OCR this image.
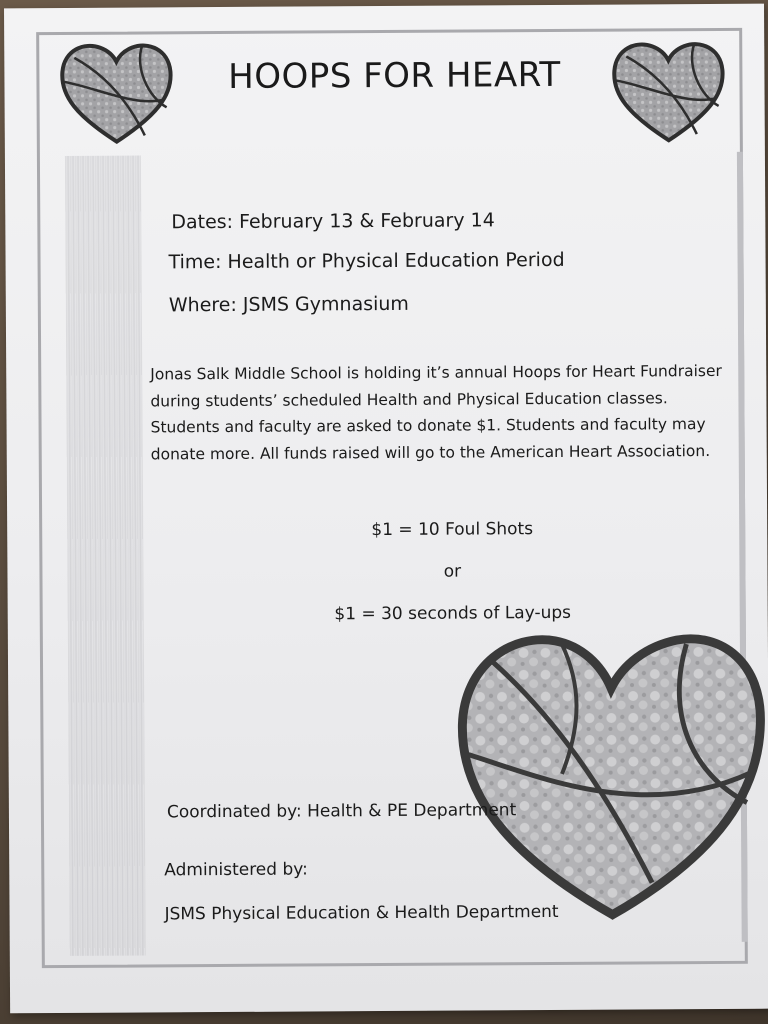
HOOPS FOR HEART
Dates: February 13 & February 14
Time: Health or Physical Education Period
Where: JSMS Gymnasium
Jonas Salk Middle School is holding it’s annual Hoops for Heart Fundraiser
during students’ scheduled Health and Physical Education classes.
Students and faculty are asked to donate $1. Students and faculty may
donate more. All funds raised will go to the American Heart Association.
$1 = 10 Foul Shots
or
$1 = 30 seconds of Lay-ups
Coordinated by: Health & PE Department
Administered by:
JSMS Physical Education & Health Department
